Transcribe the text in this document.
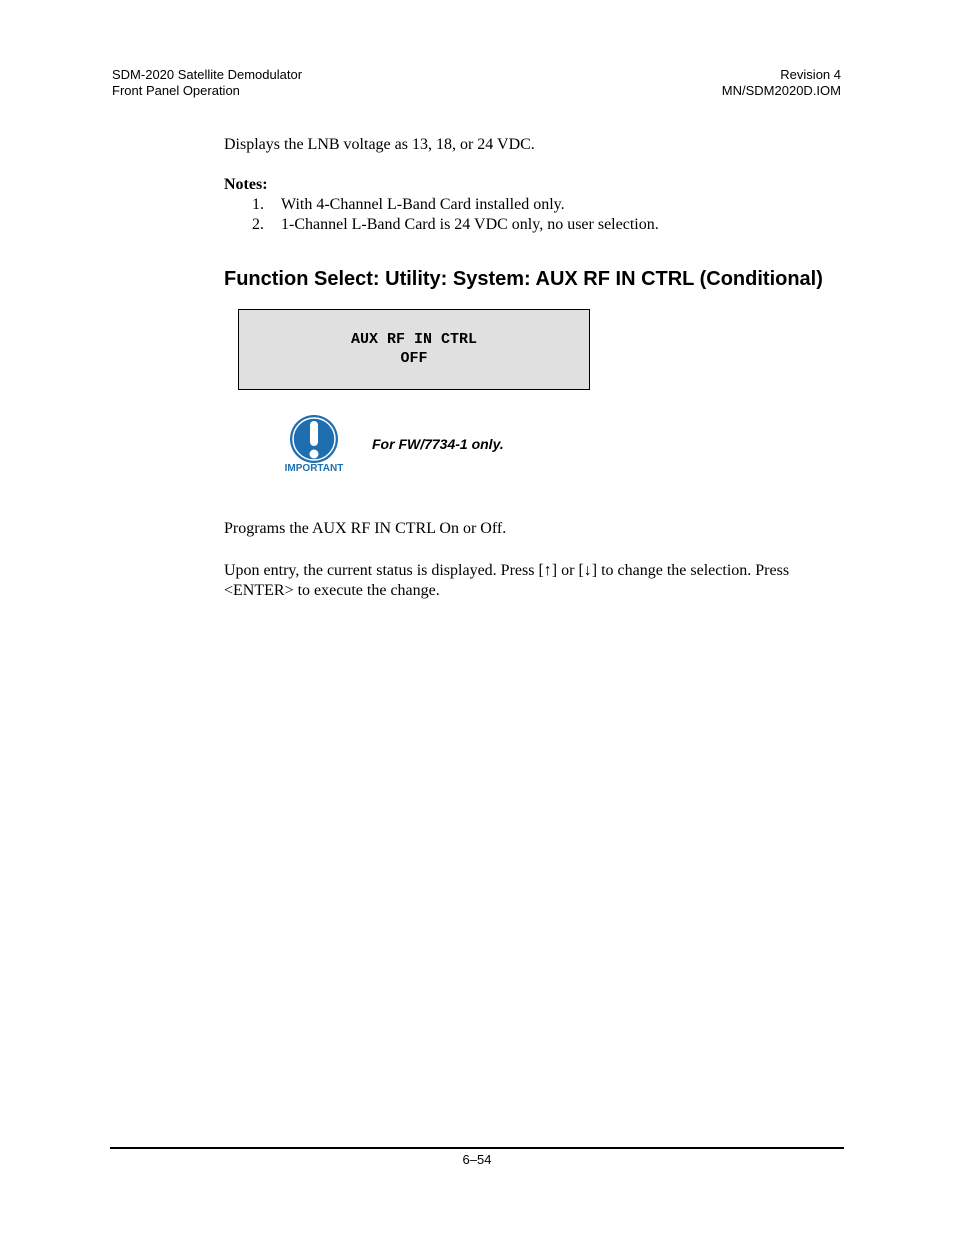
SDM-2020 Satellite Demodulator
Front Panel Operation
Revision 4
MN/SDM2020D.IOM
Displays the LNB voltage as 13, 18, or 24 VDC.
Notes:
1. With 4-Channel L-Band Card installed only.
2. 1-Channel L-Band Card is 24 VDC only, no user selection.
Function Select: Utility: System: AUX RF IN CTRL (Conditional)
AUX RF IN CTRL
OFF
IMPORTANT
For FW/7734-1 only.
Programs the AUX RF IN CTRL On or Off.
Upon entry, the current status is displayed. Press [↑] or [↓] to change the selection. Press
<ENTER> to execute the change.
6–54
